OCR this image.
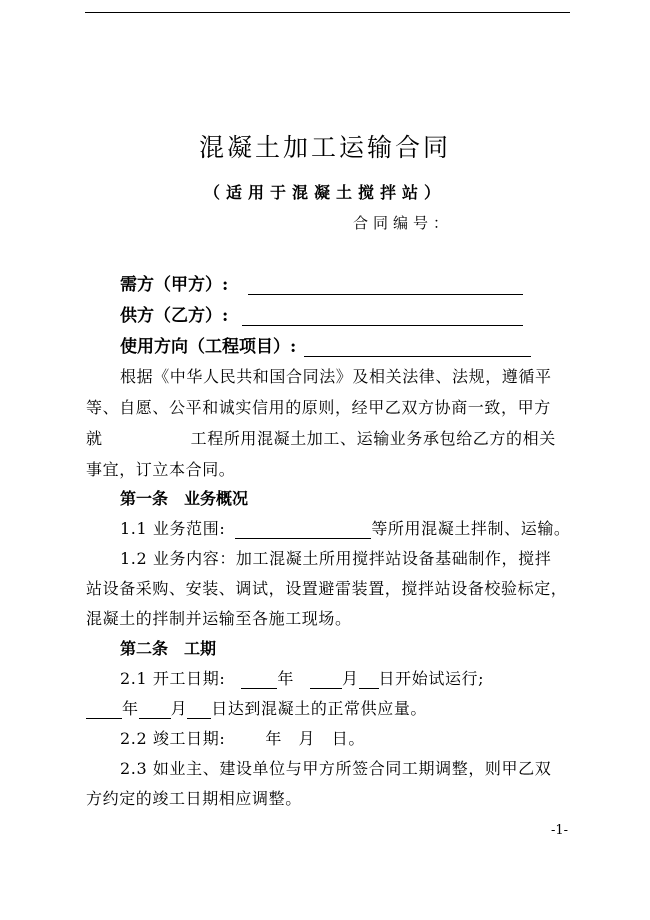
混凝土加工运输合同
（适用于混凝土搅拌站）
合同编号：
需方（甲方）:
供方（乙方）:
使用方向（工程项目）:
根据《中华人民共和国合同法》及相关法律、法规，遵循平
等、自愿、公平和诚实信用的原则，经甲乙双方协商一致，甲方
就	工程所用混凝土加工、运输业务承包给乙方的相关
事宜，订立本合同。
第一条　业务概况
1.1 业务范围:	等所用混凝土拌制、运输。
1.2 业务内容：加工混凝土所用搅拌站设备基础制作，搅拌
站设备采购、安装、调试，设置避雷装置，搅拌站设备校验标定，
混凝土的拌制并运输至各施工现场。
第二条　工期
2.1 开工日期:	年	月 日开始试运行;
年 月 日达到混凝土的正常供应量。
2.2 竣工日期:	年　月　日。
2.3 如业主、建设单位与甲方所签合同工期调整，则甲乙双
方约定的竣工日期相应调整。
-1-
